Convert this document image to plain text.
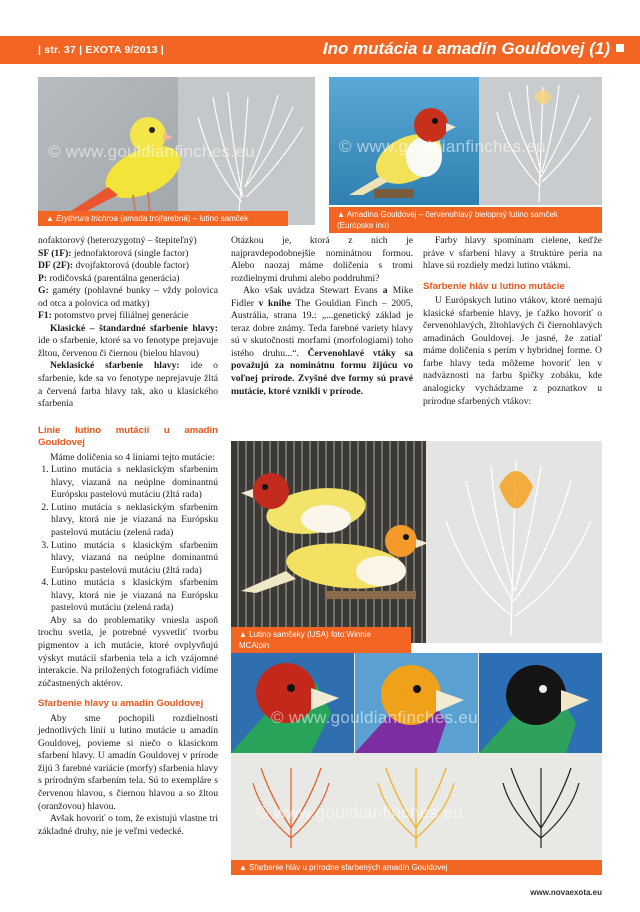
| str. 37 | EXOTA 9/2013 |	Ino mutácia u amadín Gouldovej (1)
© www.gouldianfinches.eu
▲ Erythrura trichroa (amada trojfarebná) – lutino samček
© www.gouldianfinches.eu
▲ Amadina Gouldovej – červenohlavý bieloprsý lutino samček (Európske ino)

nofaktorový (heterozygotný – štepiteľný)

SF (1F): jednofaktorová (single factor)

DF (2F): dvojfaktorová (double factor)

P: rodičovská (parentálna generácia)

G: gaméty (pohlavné bunky – vždy polovica od otca a polovica od matky)

F1: potomstvo prvej filiálnej generácie

Klasické – štandardné sfarbenie hlavy: ide o sfarbenie, ktoré sa vo fenotype prejavuje žltou, červenou či čiernou (bielou hlavou)

Neklasické sfarbenie hlavy: ide o sfarbenie, kde sa vo fenotype neprejavuje žltá a červená farba hlavy tak, ako u klasického sfarbenia

Línie lutino mutácií u amadín Gouldovej

Máme doličenia so 4 líniami tejto mutácie:

1. Lutino mutácia s neklasickým sfarbením hlavy, viazaná na neúplne dominantnú Európsku pastelovú mutáciu (žltá rada)
2. Lutino mutácia s neklasickým sfarbením hlavy, ktorá nie je viazaná na Európsku pastelovú mutáciu (zelená rada)
3. Lutino mutácia s klasickým sfarbením hlavy, viazaná na neúplne dominantnú Európsku pastelovú mutáciu (žltá rada)
4. Lutino mutácia s klasickým sfarbením hlavy, ktorá nie je viazaná na Európsku pastelovú mutáciu (zelená rada)

Aby sa do problematiky vniesla aspoň trochu svetla, je potrebné vysvetliť tvorbu pigmentov a ich mutácie, ktoré ovplyvňujú výskyt mutácií sfarbenia tela a ich vzájomné interakcie. Na priložených fotografiách vidíme zúčastnených aktérov.

Sfarbenie hlavy u amadín Gouldovej

Aby sme pochopili rozdielnosti jednotlivých línií u lutino mutácie u amadín Gouldovej, povieme si niečo o klasickom sfarbení hlavy. U amadín Gouldovej v prírode žijú 3 farebné variácie (morfy) sfarbenia hlavy s prírodným sfarbením tela. Sú to exempláre s červenou hlavou, s čiernou hlavou a so žltou (oranžovou) hlavou.

Avšak hovoriť o tom, že existujú vlastne tri základné druhy, nie je veľmi vedecké.

Otázkou je, ktorá z nich je najpravdepodobnejšie nominátnou formou. Alebo naozaj máme doličenia s tromi rozdielnymi druhmi alebo poddruhmi?

Ako však uvádza Stewart Evans a Mike Fidler v knihe The Gouldian Finch – 2005, Austrália, strana 19.: „...genetický základ je teraz dobre známy. Teda farebné variety hlavy sú v skutočnosti morfami (morfologiami) toho istého druhu...“. Červenohlavé vtáky sa považujú za nominátnu formu žijúcu vo voľnej prírode. Zvyšné dve formy sú pravé mutácie, ktoré vznikli v prírode.

Farby hlavy spomínam cielene, keďže práve v sfarbení hlavy a štruktúre peria na hlave sú rozdiely medzi lutino vtákmi.

Sfarbenie hláv u lutino mutácie

U Európskych lutino vtákov, ktoré nemajú klasické sfarbenie hlavy, je ťažko hovoriť o červenohlavých, žltohlavých či čiernohlavých amadinách Gouldovej. Je jasné, že zatiaľ máme doličenia s perím v hybridnej forme. O farbe hlavy teda môžeme hovoriť len v nadväznosti na farbu špičky zobáku, kde analogicky vychádzame z poznatkov u prírodne sfarbených vtákov:

▲ Lutino samčeky (USA) foto:Winnie MCAlpin
© www.gouldianfinches.eu
© www.gouldianfinches.eu
▲ Sfarbenie hláv u prírodne sfarbených amadín Gouldovej
www.novaexota.eu
